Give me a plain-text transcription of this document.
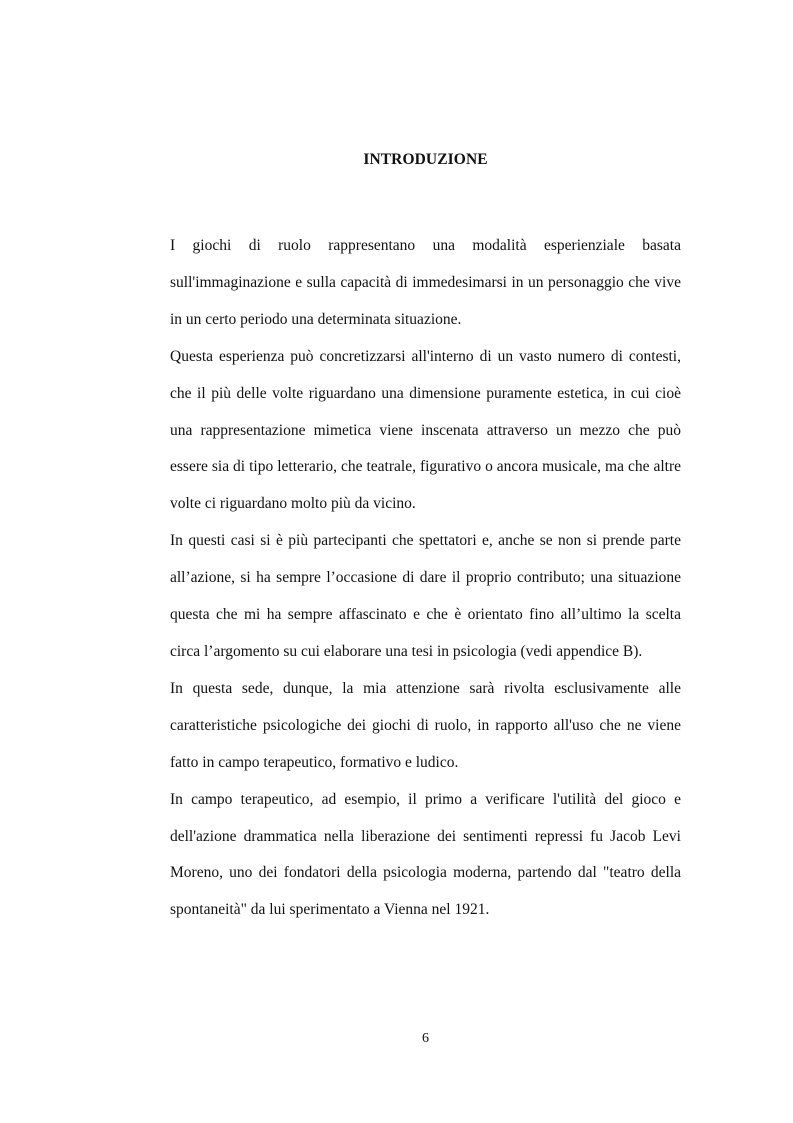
INTRODUZIONE

I giochi di ruolo rappresentano una modalità esperienziale basata sull'immaginazione e sulla capacità di immedesimarsi in un personaggio che vive in un certo periodo una determinata situazione.

Questa esperienza può concretizzarsi all'interno di un vasto numero di contesti, che il più delle volte riguardano una dimensione puramente estetica, in cui cioè una rappresentazione mimetica viene inscenata attraverso un mezzo che può essere sia di tipo letterario, che teatrale, figurativo o ancora musicale, ma che altre volte ci riguardano molto più da vicino.

In questi casi si è più partecipanti che spettatori e, anche se non si prende parte all’azione, si ha sempre l’occasione di dare il proprio contributo; una situazione questa che mi ha sempre affascinato e che è orientato fino all’ultimo la scelta circa l’argomento su cui elaborare una tesi in psicologia (vedi appendice B).

In questa sede, dunque, la mia attenzione sarà rivolta esclusivamente alle caratteristiche psicologiche dei giochi di ruolo, in rapporto all'uso che ne viene fatto in campo terapeutico, formativo e ludico.

In campo terapeutico, ad esempio, il primo a verificare l'utilità del gioco e dell'azione drammatica nella liberazione dei sentimenti repressi fu Jacob Levi Moreno, uno dei fondatori della psicologia moderna, partendo dal "teatro della spontaneità" da lui sperimentato a Vienna nel 1921.

6
